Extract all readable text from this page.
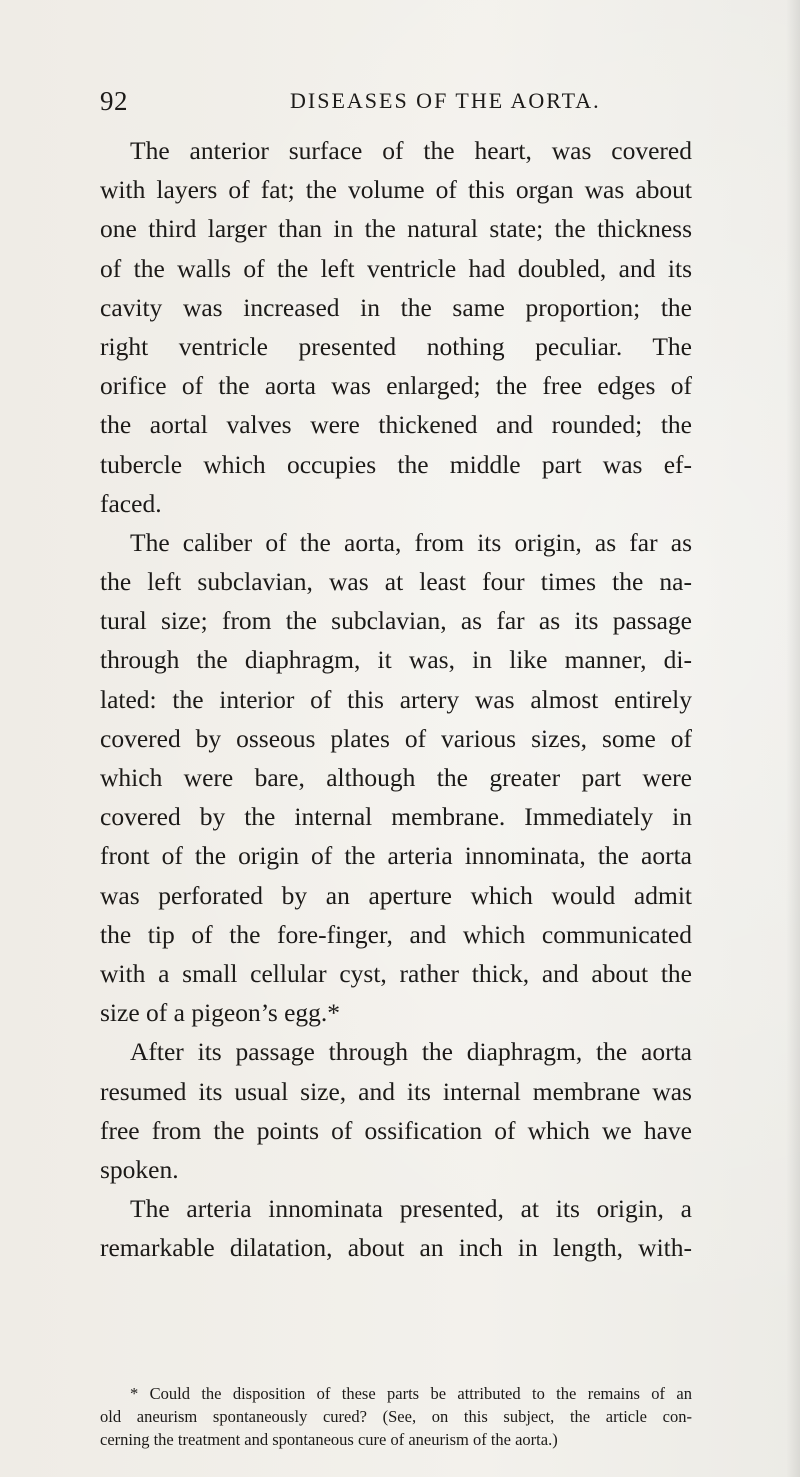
92	DISEASES OF THE AORTA.
The anterior surface of the heart, was covered
with layers of fat; the volume of this organ was about
one third larger than in the natural state; the thickness
of the walls of the left ventricle had doubled, and its
cavity was increased in the same proportion; the
right ventricle presented nothing peculiar. The
orifice of the aorta was enlarged; the free edges of
the aortal valves were thickened and rounded; the
tubercle which occupies the middle part was ef-
faced.
The caliber of the aorta, from its origin, as far as
the left subclavian, was at least four times the na-
tural size; from the subclavian, as far as its passage
through the diaphragm, it was, in like manner, di-
lated: the interior of this artery was almost entirely
covered by osseous plates of various sizes, some of
which were bare, although the greater part were
covered by the internal membrane. Immediately in
front of the origin of the arteria innominata, the aorta
was perforated by an aperture which would admit
the tip of the fore-finger, and which communicated
with a small cellular cyst, rather thick, and about the
size of a pigeon’s egg.*
After its passage through the diaphragm, the aorta
resumed its usual size, and its internal membrane was
free from the points of ossification of which we have
spoken.
The arteria innominata presented, at its origin, a
remarkable dilatation, about an inch in length, with-
* Could the disposition of these parts be attributed to the remains of an
old aneurism spontaneously cured? (See, on this subject, the article con-
cerning the treatment and spontaneous cure of aneurism of the aorta.)
